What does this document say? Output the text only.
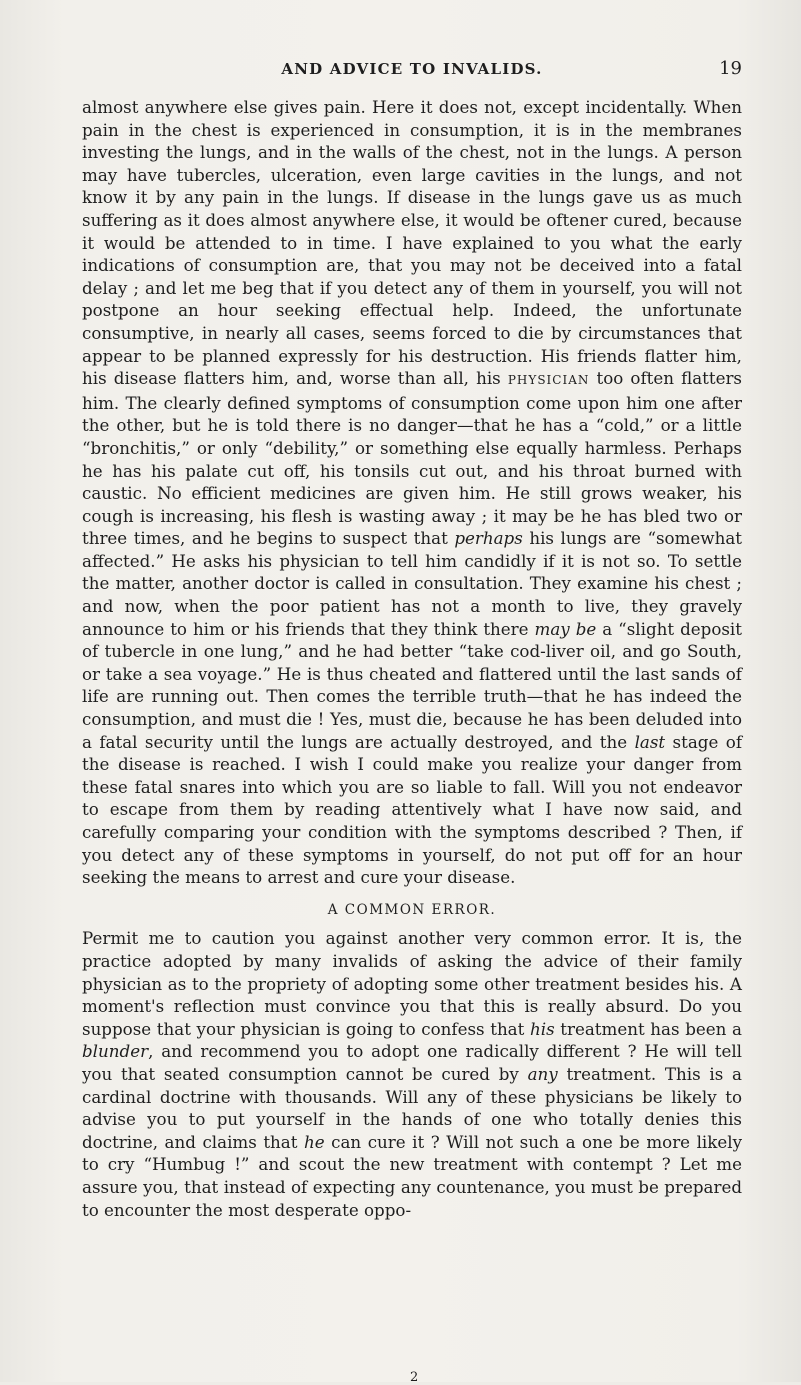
AND ADVICE TO INVALIDS.	19

almost anywhere else gives pain. Here it does not, except incidentally. When pain in the chest is experienced in consumption, it is in the membranes investing the lungs, and in the walls of the chest, not in the lungs. A person may have tubercles, ulceration, even large cavities in the lungs, and not know it by any pain in the lungs. If disease in the lungs gave us as much suffering as it does almost anywhere else, it would be oftener cured, because it would be attended to in time. I have explained to you what the early indications of consumption are, that you may not be deceived into a fatal delay ; and let me beg that if you detect any of them in yourself, you will not postpone an hour seeking effectual help. Indeed, the unfortunate consumptive, in nearly all cases, seems forced to die by circumstances that appear to be planned expressly for his destruction. His friends flatter him, his disease flatters him, and, worse than all, his PHYSICIAN too often flatters him. The clearly defined symptoms of consumption come upon him one after the other, but he is told there is no danger—that he has a “cold,” or a little “bronchitis,” or only “debility,” or something else equally harmless. Perhaps he has his palate cut off, his tonsils cut out, and his throat burned with caustic. No efficient medicines are given him. He still grows weaker, his cough is increasing, his flesh is wasting away ; it may be he has bled two or three times, and he begins to suspect that perhaps his lungs are “somewhat affected.” He asks his physician to tell him candidly if it is not so. To settle the matter, another doctor is called in consultation. They examine his chest ; and now, when the poor patient has not a month to live, they gravely announce to him or his friends that they think there may be a “slight deposit of tubercle in one lung,” and he had better “take cod-liver oil, and go South, or take a sea voyage.” He is thus cheated and flattered until the last sands of life are running out. Then comes the terrible truth—that he has indeed the consumption, and must die ! Yes, must die, because he has been deluded into a fatal security until the lungs are actually destroyed, and the last stage of the disease is reached. I wish I could make you realize your danger from these fatal snares into which you are so liable to fall. Will you not endeavor to escape from them by reading attentively what I have now said, and carefully comparing your condition with the symptoms described ? Then, if you detect any of these symptoms in yourself, do not put off for an hour seeking the means to arrest and cure your disease.

A COMMON ERROR.

Permit me to caution you against another very common error. It is, the practice adopted by many invalids of asking the advice of their family physician as to the propriety of adopting some other treatment besides his. A moment's reflection must convince you that this is really absurd. Do you suppose that your physician is going to confess that his treatment has been a blunder, and recommend you to adopt one radically different ? He will tell you that seated consumption cannot be cured by any treatment. This is a cardinal doctrine with thousands. Will any of these physicians be likely to advise you to put yourself in the hands of one who totally denies this doctrine, and claims that he can cure it ? Will not such a one be more likely to cry “Humbug !” and scout the new treatment with contempt ? Let me assure you, that instead of expecting any countenance, you must be prepared to encounter the most desperate oppo-

2
